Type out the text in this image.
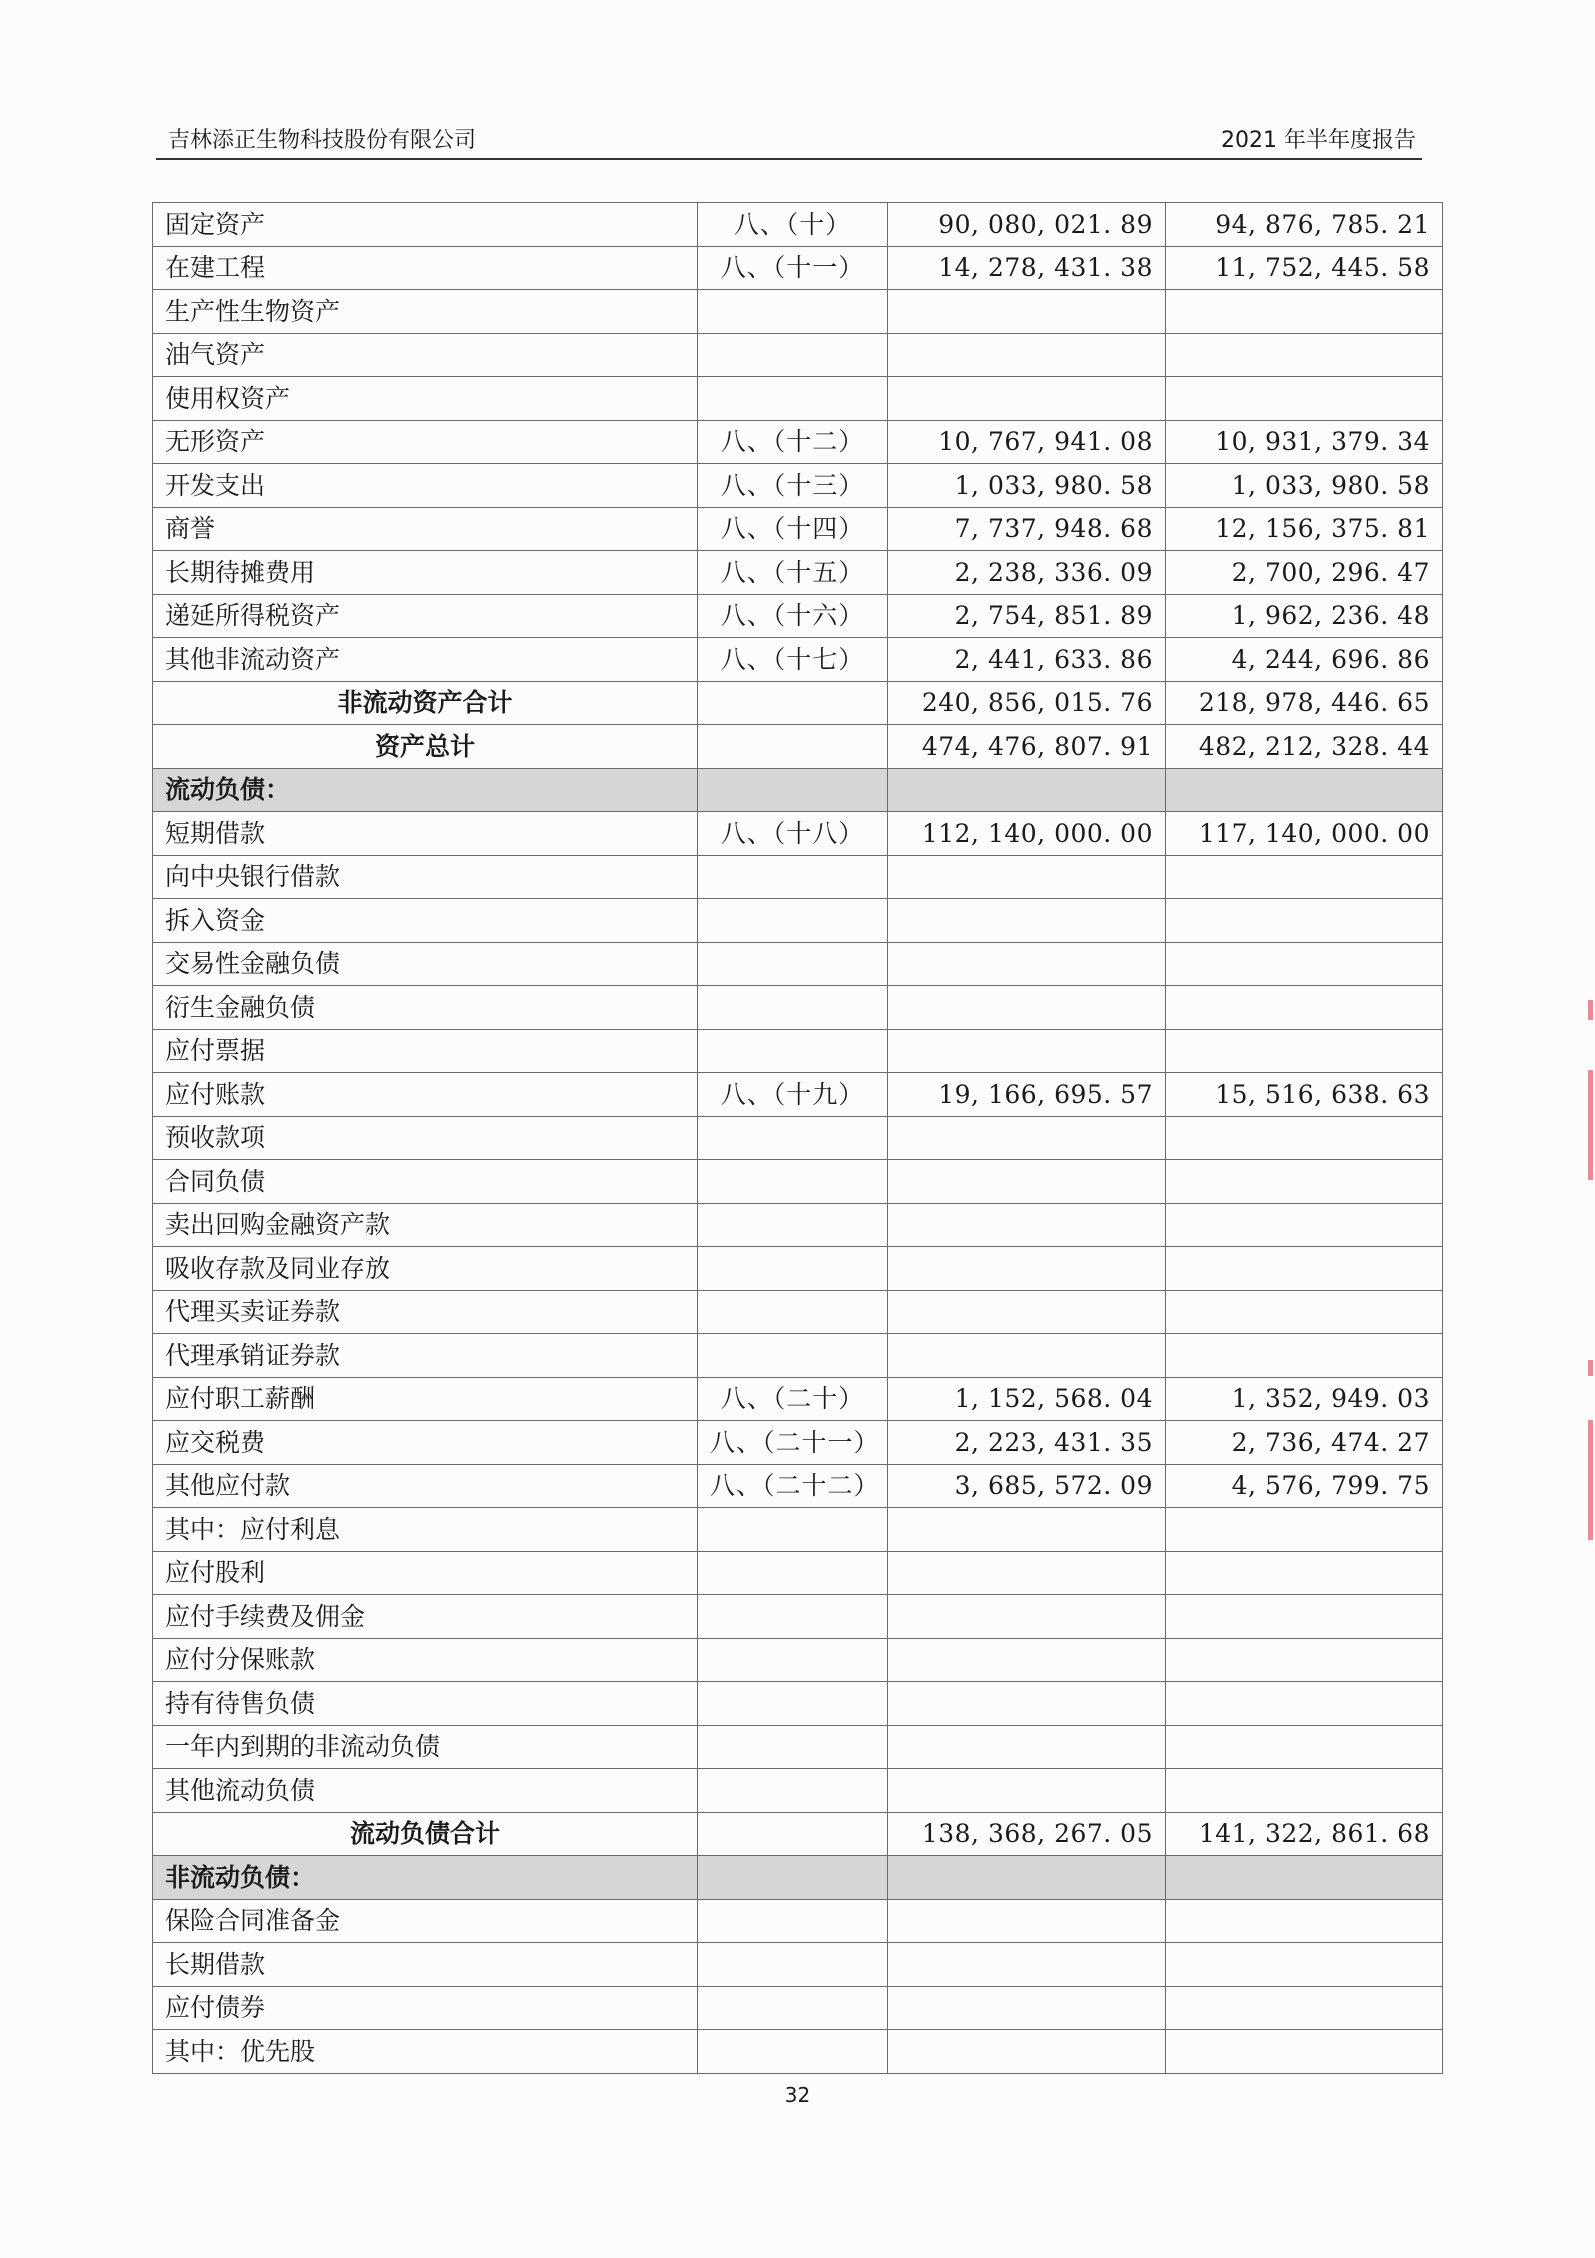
吉林添正生物科技股份有限公司	2021 年半年度报告
固定资产	八、（十）	90, 080, 021. 89	94, 876, 785. 21
在建工程	八、（十一）	14, 278, 431. 38	11, 752, 445. 58
生产性生物资产			
油气资产			
使用权资产			
无形资产	八、（十二）	10, 767, 941. 08	10, 931, 379. 34
开发支出	八、（十三）	1, 033, 980. 58	1, 033, 980. 58
商誉	八、（十四）	7, 737, 948. 68	12, 156, 375. 81
长期待摊费用	八、（十五）	2, 238, 336. 09	2, 700, 296. 47
递延所得税资产	八、（十六）	2, 754, 851. 89	1, 962, 236. 48
其他非流动资产	八、（十七）	2, 441, 633. 86	4, 244, 696. 86
非流动资产合计		240, 856, 015. 76	218, 978, 446. 65
资产总计		474, 476, 807. 91	482, 212, 328. 44
流动负债：			
短期借款	八、（十八）	112, 140, 000. 00	117, 140, 000. 00
向中央银行借款			
拆入资金			
交易性金融负债			
衍生金融负债			
应付票据			
应付账款	八、（十九）	19, 166, 695. 57	15, 516, 638. 63
预收款项			
合同负债			
卖出回购金融资产款			
吸收存款及同业存放			
代理买卖证券款			
代理承销证券款			
应付职工薪酬	八、（二十）	1, 152, 568. 04	1, 352, 949. 03
应交税费	八、（二十一）	2, 223, 431. 35	2, 736, 474. 27
其他应付款	八、（二十二）	3, 685, 572. 09	4, 576, 799. 75
其中：应付利息			
应付股利			
应付手续费及佣金			
应付分保账款			
持有待售负债			
一年内到期的非流动负债			
其他流动负债			
流动负债合计		138, 368, 267. 05	141, 322, 861. 68
非流动负债：			
保险合同准备金			
长期借款			
应付债券			
其中：优先股			
32
